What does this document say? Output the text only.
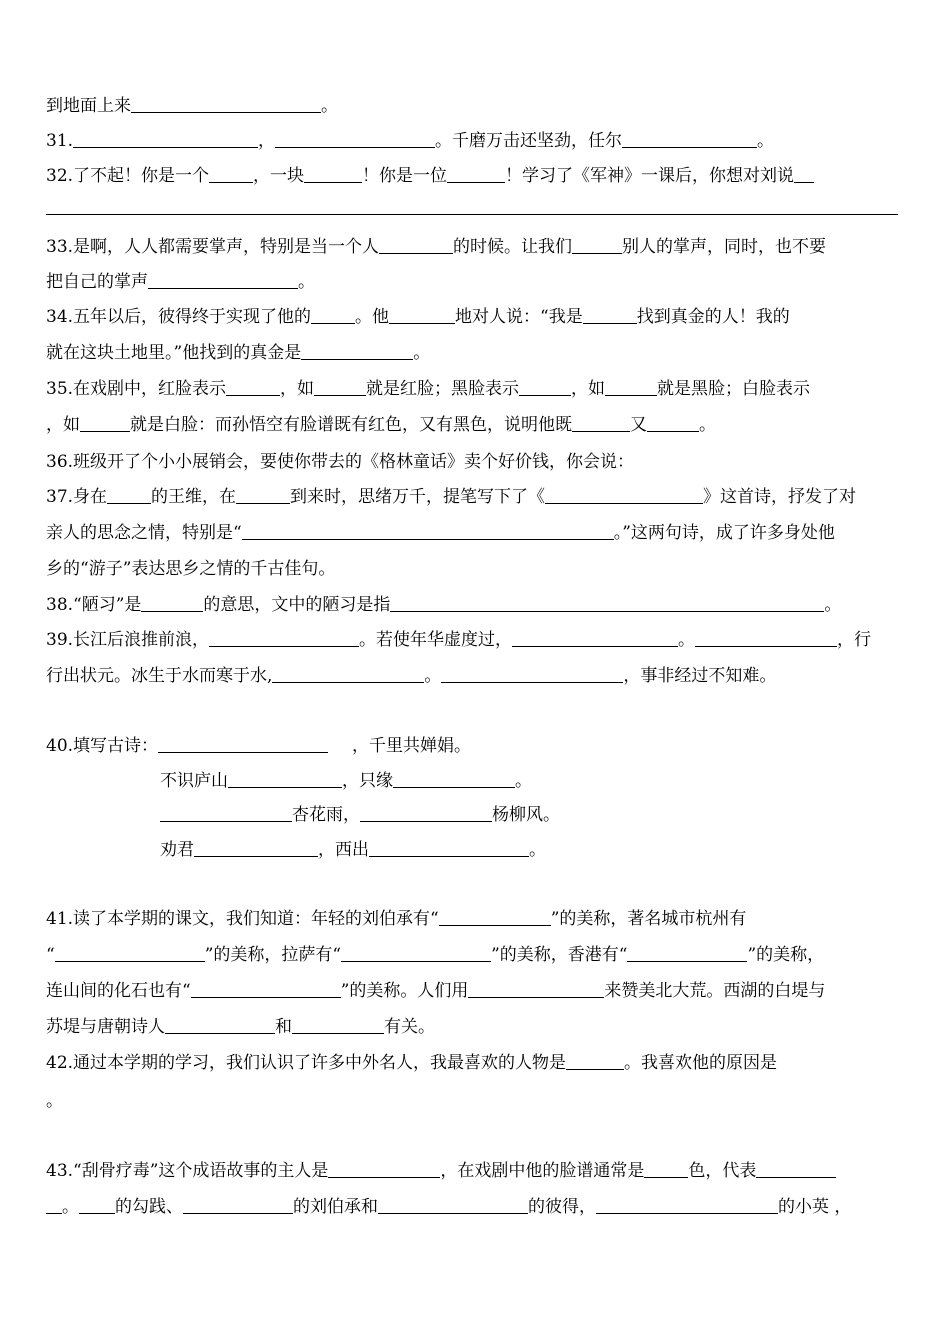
到地面上来	。
31.	，	。千磨万击还坚劲，任尔	。
32.了不起！你是一个	，一块	！你是一位	！学习了《军神》一课后，你想对刘说
33.是啊，人人都需要掌声，特别是当一个人	的时候。让我们	别人的掌声，同时，也不要
把自己的掌声	。
34.五年以后，彼得终于实现了他的	。他	地对人说：“我是	找到真金的人！我的
就在这块土地里。”他找到的真金是	。
35.在戏剧中，红脸表示	，如	就是红脸；黑脸表示	，如	就是黑脸；白脸表示
，如	就是白脸：而孙悟空有脸谱既有红色，又有黑色，说明他既	又	。
36.班级开了个小小展销会，要使你带去的《格林童话》卖个好价钱，你会说：
37.身在	的王维，在	到来时，思绪万千，提笔写下了《	》这首诗，抒发了对
亲人的思念之情，特别是“	。”这两句诗，成了许多身处他
乡的“游子”表达思乡之情的千古佳句。
38.“陋习”是	的意思，文中的陋习是指	。
39.长江后浪推前浪，	。若使年华虚度过，	。	，行
行出状元。冰生于水而寒于水,	。	，事非经过不知难。
40.填写古诗：	，千里共婵娟。
不识庐山	，只缘	。
杏花雨，	杨柳风。
劝君	，西出	。
41.读了本学期的课文，我们知道：年轻的刘伯承有“	”的美称，著名城市杭州有
“	”的美称，拉萨有“	”的美称，香港有“	”的美称，
连山间的化石也有“	”的美称。人们用	来赞美北大荒。西湖的白堤与
苏堤与唐朝诗人	和	有关。
42.通过本学期的学习，我们认识了许多中外名人，我最喜欢的人物是	。我喜欢他的原因是
。
43.“刮骨疗毒”这个成语故事的主人是	，在戏剧中他的脸谱通常是	色，代表
。 的勾践、	的刘伯承和	的彼得，	的小英 ，
